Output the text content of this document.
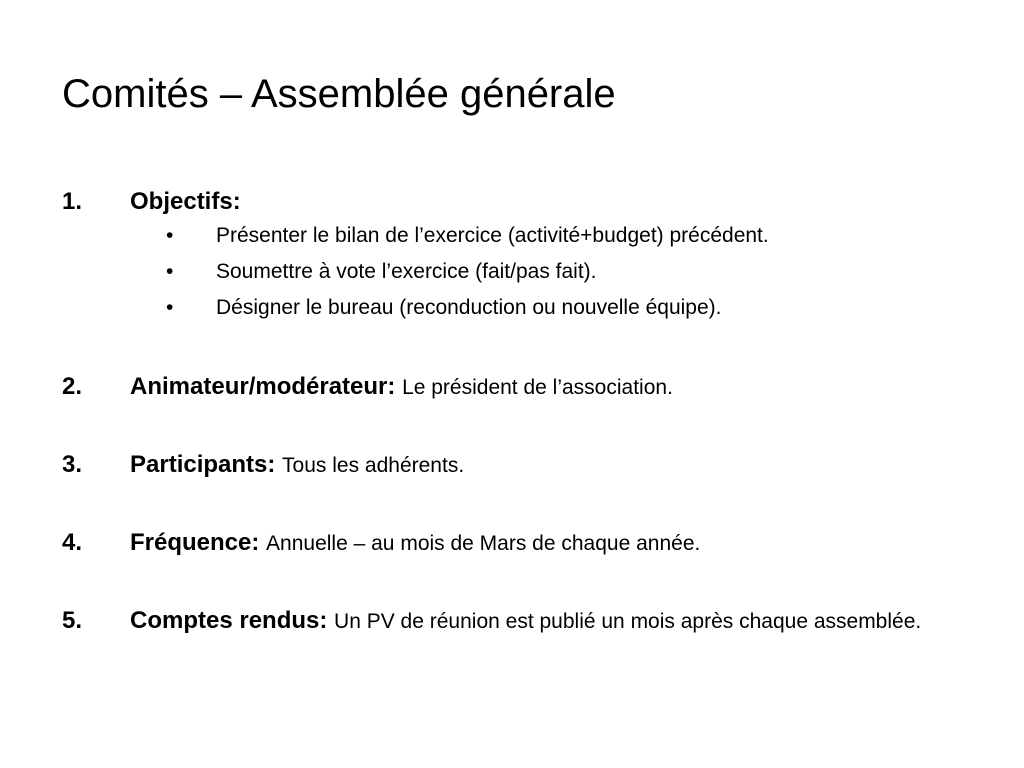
Comités – Assemblée générale
1. Objectifs:
• Présenter le bilan de l’exercice (activité+budget) précédent.
• Soumettre à vote l’exercice (fait/pas fait).
• Désigner le bureau (reconduction ou nouvelle équipe).
2. Animateur/modérateur: Le président de l’association.
3. Participants: Tous les adhérents.
4. Fréquence: Annuelle – au mois de Mars de chaque année.
5. Comptes rendus: Un PV de réunion est publié un mois après chaque assemblée.
